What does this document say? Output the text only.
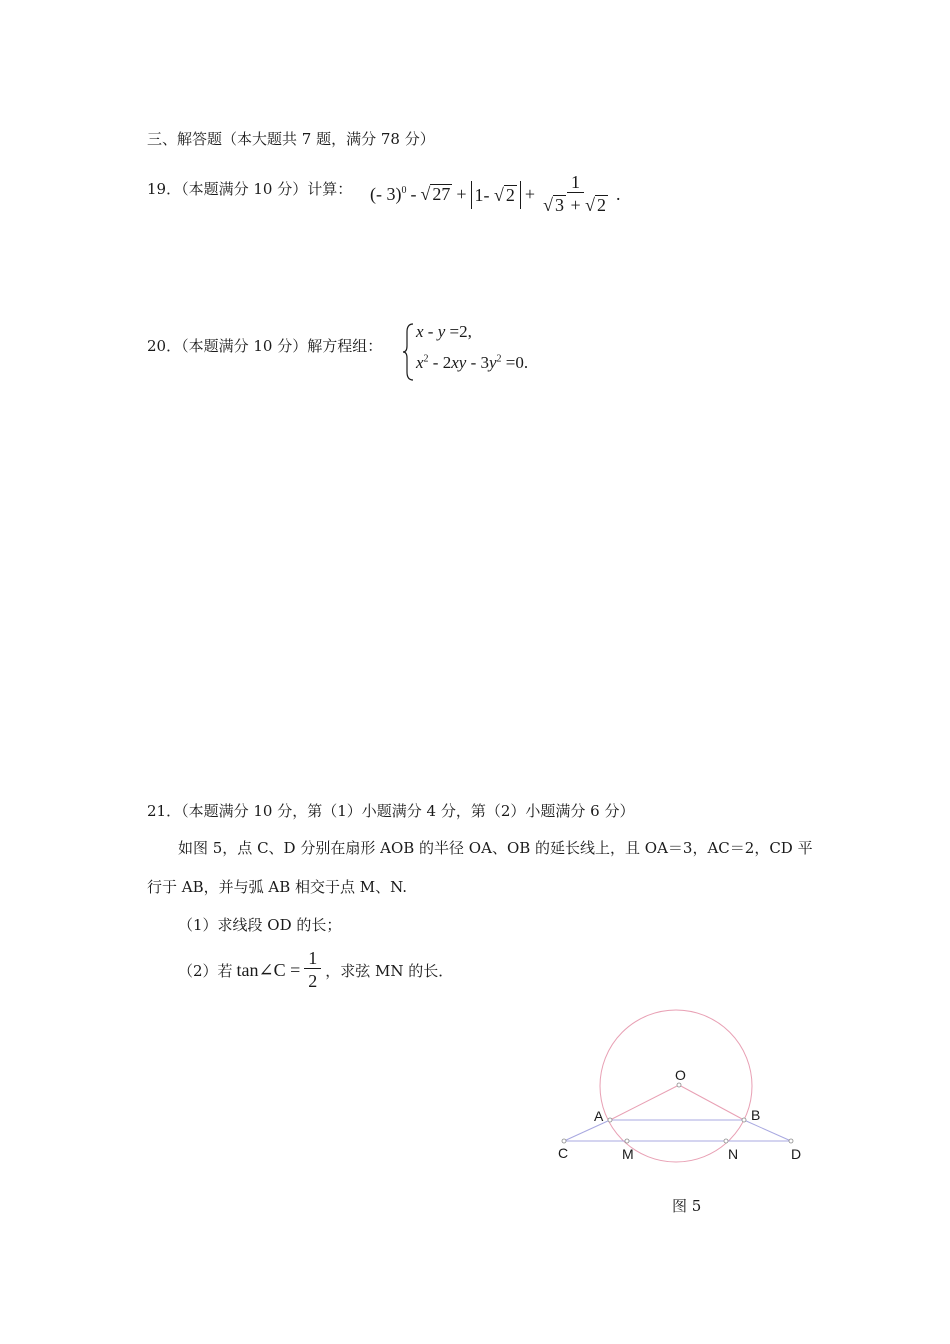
三、解答题（本大题共 7 题，满分 78 分）
19．（本题满分 10 分）计算： (- 3)$^0$ - √ 27 + 1- √ $2 + \frac{1}{√ 3 + √ 2}$ .
20．（本题满分 10 分）解方程组：
x - y =2,
$x^2 - 2xy - 3y^2 =0$.
21．（本题满分 10 分，第（1）小题满分 4 分，第（2）小题满分 6 分）
如图 5，点 C、D 分别在扇形 AOB 的半径 OA、OB 的延长线上，且 OA＝3，AC＝2，CD 平
行于 AB，并与弧 AB 相交于点 M、N.
（1）求线段 OD 的长；
（2）若 tan∠C = $\frac{1}{2}$ ，求弦 MN 的长．
O
A	B
C	M	N	D
图 5
